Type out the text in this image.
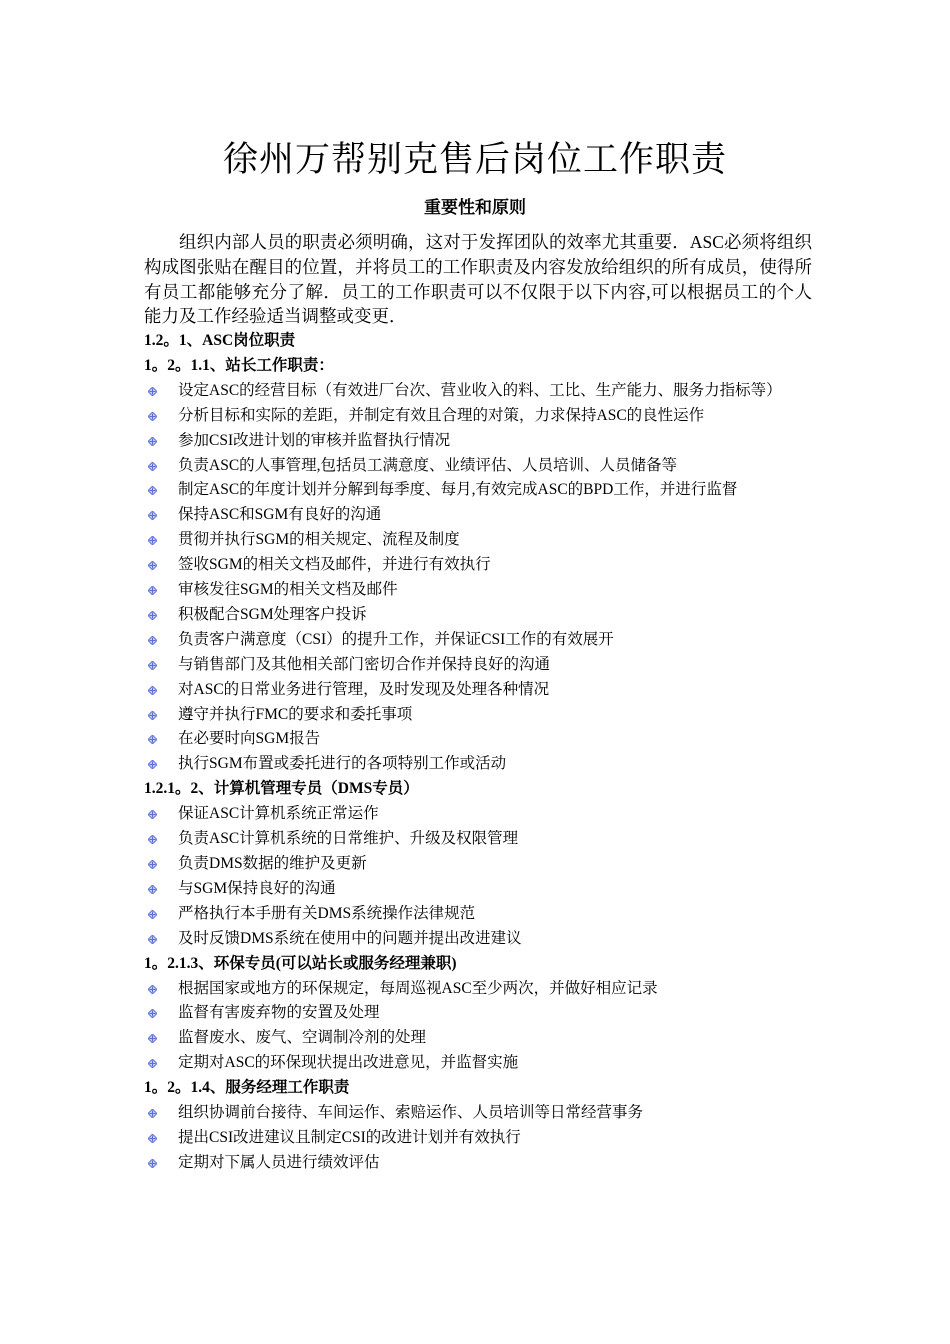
徐州万帮别克售后岗位工作职责
重要性和原则

组织内部人员的职责必须明确，这对于发挥团队的效率尤其重要．ASC必须将组织构成图张贴在醒目的位置，并将员工的工作职责及内容发放给组织的所有成员，使得所有员工都能够充分了解．员工的工作职责可以不仅限于以下内容,可以根据员工的个人能力及工作经验适当调整或变更．

1.2。1、ASC岗位职责
1。2。1.1、站长工作职责：
设定ASC的经营目标（有效进厂台次、营业收入的料、工比、生产能力、服务力指标等）
分析目标和实际的差距，并制定有效且合理的对策，力求保持ASC的良性运作
参加CSI改进计划的审核并监督执行情况
负责ASC的人事管理,包括员工满意度、业绩评估、人员培训、人员储备等
制定ASC的年度计划并分解到每季度、每月,有效完成ASC的BPD工作，并进行监督
保持ASC和SGM有良好的沟通
贯彻并执行SGM的相关规定、流程及制度
签收SGM的相关文档及邮件，并进行有效执行
审核发往SGM的相关文档及邮件
积极配合SGM处理客户投诉
负责客户满意度（CSI）的提升工作，并保证CSI工作的有效展开
与销售部门及其他相关部门密切合作并保持良好的沟通
对ASC的日常业务进行管理，及时发现及处理各种情况
遵守并执行FMC的要求和委托事项
在必要时向SGM报告
执行SGM布置或委托进行的各项特别工作或活动
1.2.1。2、计算机管理专员（DMS专员）
保证ASC计算机系统正常运作
负责ASC计算机系统的日常维护、升级及权限管理
负责DMS数据的维护及更新
与SGM保持良好的沟通
严格执行本手册有关DMS系统操作法律规范
及时反馈DMS系统在使用中的问题并提出改进建议
1。2.1.3、环保专员(可以站长或服务经理兼职)
根据国家或地方的环保规定，每周巡视ASC至少两次，并做好相应记录
监督有害废弃物的安置及处理
监督废水、废气、空调制冷剂的处理
定期对ASC的环保现状提出改进意见，并监督实施
1。2。1.4、服务经理工作职责
组织协调前台接待、车间运作、索赔运作、人员培训等日常经营事务
提出CSI改进建议且制定CSI的改进计划并有效执行
定期对下属人员进行绩效评估
